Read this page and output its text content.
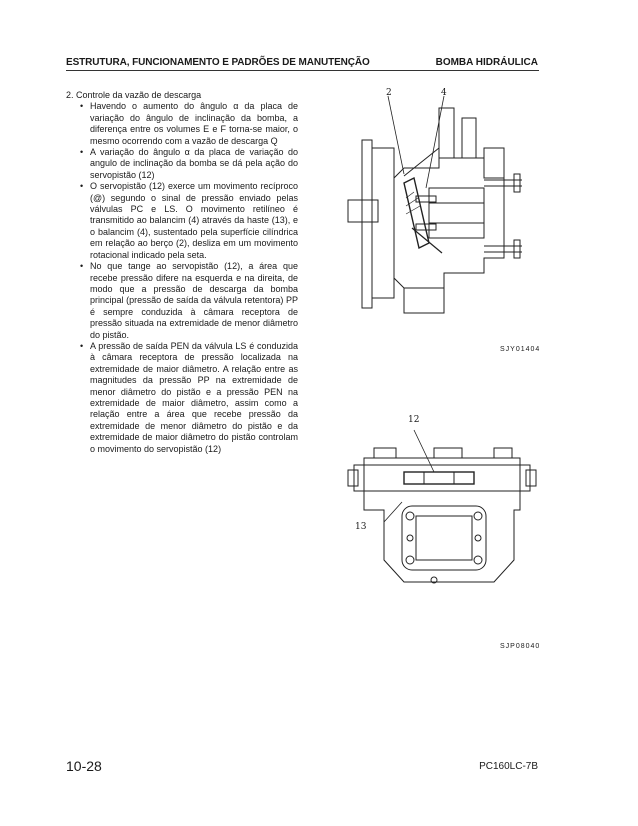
ESTRUTURA, FUNCIONAMENTO E PADRÕES DE MANUTENÇÃO	BOMBA HIDRÁULICA
2. Controle da vazão de descarga
• Havendo o aumento do ângulo α da placa de variação do ângulo de inclinação da bomba, a diferença entre os volumes E e F torna-se maior, o mesmo ocorrendo com a vazão de descarga Q
• A variação do ângulo α da placa de variação do angulo de inclinação da bomba se dá pela ação do servopistão (12)
• O servopistão (12) exerce um movimento recíproco (@) segundo o sinal de pressão enviado pelas válvulas PC e LS. O movimento retilíneo é transmitido ao balancim (4) através da haste (13), e o balancim (4), sustentado pela superfície cilíndrica em relação ao berço (2), desliza em um movimento rotacional indicado pela seta.
• No que tange ao servopistão (12), a área que recebe pressão difere na esquerda e na direita, de modo que a pressão de descarga da bomba principal (pressão de saída da válvula retentora) PP é sempre conduzida à câmara receptora de pressão situada na extremidade de menor diâmetro do pistão.
• A pressão de saída PEN da válvula LS é conduzida à câmara receptora de pressão localizada na extremidade de maior diâmetro. A relação entre as magnitudes da pressão PP na extremidade de menor diâmetro do pistão e a pressão PEN na extremidade de maior diâmetro, assim como a relação entre a área que recebe pressão da extremidade de menor diâmetro do pistão e da extremidade de maior diâmetro do pistão controlam o movimento do servopistão (12)
2	4
SJY01404
12
13
SJP08040
10-28	PC160LC-7B
